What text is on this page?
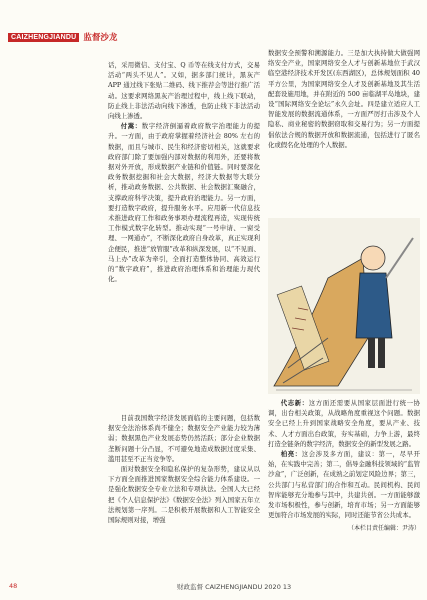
CAIZHENGJIANDU 监督沙龙

话，采用微信、支付宝、Q 币等在线支付方式，交易活动“两头不见人”。又如，据多部门统计，黑灰产 APP 通过线下张贴二维码、线下推荐会等进行推广活动。这要求网络黑灰产治理过程中，线上线下联动，防止线上非法活动向线下渗透，也防止线下非法活动向线上渗透。

付嵩：数字经济倒逼着政府数字治理能力的提升。一方面，由于政府掌握着经济社会 80% 左右的数据，而且与城市、民生和经济密切相关，这就要求政府部门除了要加强内部对数据的利用外，还要将数据对外开放，形成数据产业链和价值链。同时要深化政务数据挖掘和社会大数据，经济大数据等大联分析，推动政务数据、公共数据、社会数据汇聚融合，支撑政府科学决策，提升政府治理能力。另一方面，要打造数字政府，提升服务水平。应用新一代信息技术推进政府工作和政务事项办理流程再造，实现传统工作模式数字化转型。推动实现“一号申请、一窗受理、一网通办”，不断深化政府自身改革，真正实现利企便民，推进“放管服”改革和纵深发展，以“不见面、马上办”改革为牵引，全面打造整体协同、高效运行的“数字政府”，推进政府治理体系和治理能力现代化。

目前我国数字经济发展面临的主要问题，包括数据安全法治体系尚不健全；数据安全产业能力较为薄弱；数据黑色产业发展态势仍然活跃；部分企业数据垄断问题十分凸显，不可避免地造成数据过度采集、滥用甚至不正当竞争等。

面对数据安全和隐私保护的复杂形势，建议从以下方面全面推进国家数据安全综合能力体系建设。一是强化数据安全专业立法和专项执法。全国人大已经把《个人信息保护法》《数据安全法》列入国家五年立法规划第一序列。二是积极开展数据和人工智能安全国际规则对接，增强

数据安全预警和溯源能力。三是加大执持做大做强网络安全产业，国家网络安全人才与创新基地位于武汉临空港经济技术开发区(东西湖区)，总体规划面积 40 平方公里，为国家网络安全人才及创新基地及其生活配套设施用地，并在附近的 500 亩临湖平岛地块，建设“国际网络安全论坛”永久会址。四是建立适应人工智能发展的数据流通体系，一方面严厉打击涉及个人隐私、商业秘密的数据窃取和交易行为；另一方面提倡依法合规的数据开放和数据流通，包括进行了匿名化或假名化处理的个人数据。

代志新：这方面还需要从国家层面进行统一协调，出台相关政策，从战略角度重视这个问题。数据安全已经上升到国家战略安全角度，要从产业、技术、人才方面出台政策，夯实基础，力争上游，最终打造全链条的数字经济，数据安全的新型发展之路。

柏亮：这会涉及多方面，建议：第一，尽早开始，在实践中完善；第二，倡导金融科技领域的“监管沙盒”，广泛创新，在成熟之前划定风险边界；第三，公共部门与私营部门的合作和互动。民间机构、民间智库能够充分地参与其中，共建共创。一方面能够激发市场积极性，参与创新，培育市场；另一方面能够更加符合市场发展的实际，同时还能节省公共成本。

（本栏目责任编辑：尹涛）
48	财政监督 CAIZHENGJIANDU 2020 13
